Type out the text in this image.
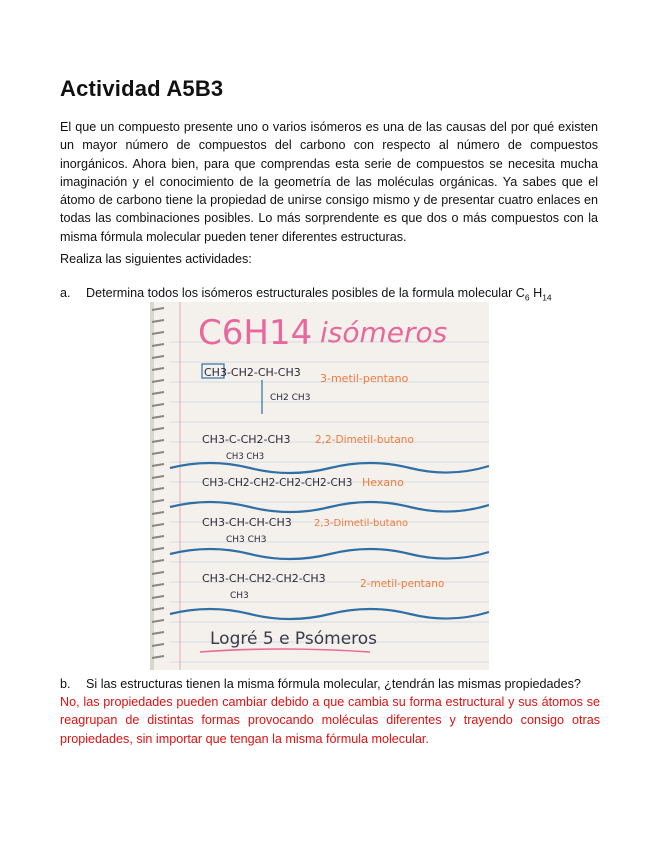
Actividad A5B3

El que un compuesto presente uno o varios isómeros es una de las causas del por qué existen un mayor número de compuestos del carbono con respecto al número de compuestos inorgánicos. Ahora bien, para que comprendas esta serie de compuestos se necesita mucha imaginación y el conocimiento de la geometría de las moléculas orgánicas. Ya sabes que el átomo de carbono tiene la propiedad de unirse consigo mismo y de presentar cuatro enlaces en todas las combinaciones posibles. Lo más sorprendente es que dos o más compuestos con la misma fórmula molecular pueden tener diferentes estructuras.

Realiza las siguientes actividades:

a. Determina todos los isómeros estructurales posibles de la formula molecular $C_6$ $H_{14}$

C6H14 isómeros
CH3-CH2-CH-CH3
CH2 CH3
3-metil-pentano
CH3-C-CH2-CH3
CH3 CH3
2,2-Dimetil-butano
CH3-CH2-CH2-CH2-CH2-CH3 Hexano
CH3-CH-CH-CH3
CH3 CH3
2,3-Dimetil-butano
CH3-CH-CH2-CH2-CH3
CH3
2-metil-pentano
Logré 5 e Psómeros

b. Si las estructuras tienen la misma fórmula molecular, ¿tendrán las mismas propiedades?

No, las propiedades pueden cambiar debido a que cambia su forma estructural y sus átomos se reagrupan de distintas formas provocando moléculas diferentes y trayendo consigo otras propiedades, sin importar que tengan la misma fórmula molecular.
